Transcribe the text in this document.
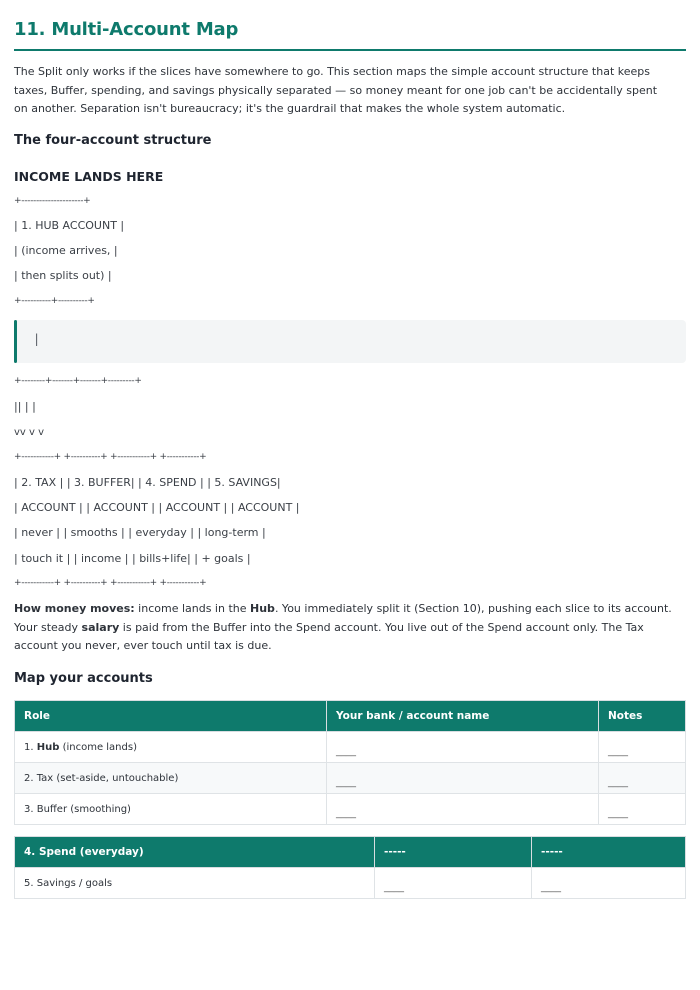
11. Multi-Account Map

The Split only works if the slices have somewhere to go. This section maps the simple account structure that keeps taxes, Buffer, spending, and savings physically separated — so money meant for one job can't be accidentally spent on another. Separation isn't bureaucracy; it's the guardrail that makes the whole system automatic.

The four-account structure
INCOME LANDS HERE

+---------------------+

| 1. HUB ACCOUNT |

| (income arrives, |

| then splits out) |

+----------+----------+

|

+--------+-------+-------+---------+

|| | |

vv v v

+-----------+ +----------+ +-----------+ +-----------+

| 2. TAX | | 3. BUFFER| | 4. SPEND | | 5. SAVINGS|

| ACCOUNT | | ACCOUNT | | ACCOUNT | | ACCOUNT |

| never | | smooths | | everyday | | long-term |

| touch it | | income | | bills+life| | + goals |

+-----------+ +----------+ +-----------+ +-----------+

How money moves: income lands in the Hub. You immediately split it (Section 10), pushing each slice to its account. Your steady salary is paid from the Buffer into the Spend account. You live out of the Spend account only. The Tax account you never, ever touch until tax is due.

Map your accounts
Role	Your bank / account name	Notes
1. Hub (income lands)	____	____
2. Tax (set-aside, untouchable)	____	____
3. Buffer (smoothing)	____	____
4. Spend (everyday)	-----	-----
5. Savings / goals	____	____
